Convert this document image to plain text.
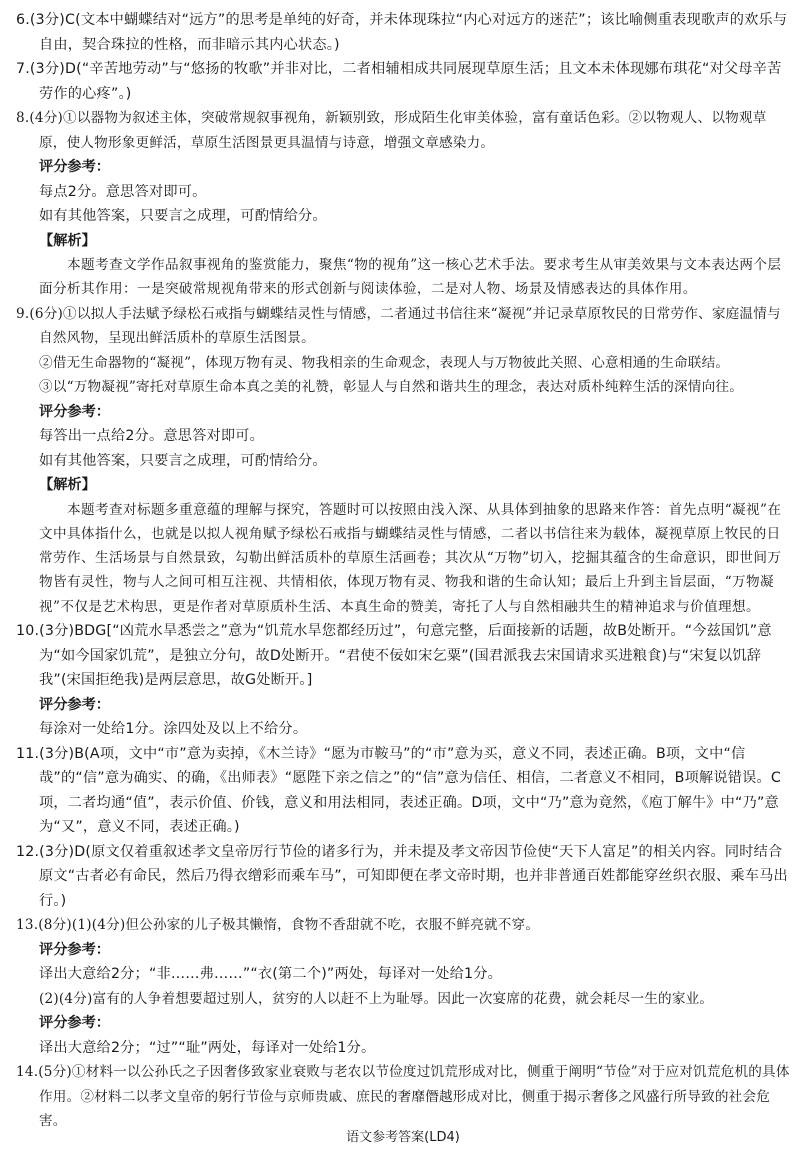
6.(3分)C(文本中蝴蝶结对“远方”的思考是单纯的好奇，并未体现珠拉“内心对远方的迷茫”；该比喻侧重表现歌声的欢乐与自由，契合珠拉的性格，而非暗示其内心状态。)
7.(3分)D(“辛苦地劳动”与“悠扬的牧歌”并非对比，二者相辅相成共同展现草原生活；且文本未体现娜布琪花“对父母辛苦劳作的心疼”。)
8.(4分)①以器物为叙述主体，突破常规叙事视角，新颖别致，形成陌生化审美体验，富有童话色彩。②以物观人、以物观草原，使人物形象更鲜活，草原生活图景更具温情与诗意，增强文章感染力。
评分参考：
每点2分。意思答对即可。
如有其他答案，只要言之成理，可酌情给分。
【解析】
本题考查文学作品叙事视角的鉴赏能力，聚焦“物的视角”这一核心艺术手法。要求考生从审美效果与文本表达两个层面分析其作用：一是突破常规视角带来的形式创新与阅读体验，二是对人物、场景及情感表达的具体作用。
9.(6分)①以拟人手法赋予绿松石戒指与蝴蝶结灵性与情感，二者通过书信往来“凝视”并记录草原牧民的日常劳作、家庭温情与自然风物，呈现出鲜活质朴的草原生活图景。
②借无生命器物的“凝视”，体现万物有灵、物我相亲的生命观念，表现人与万物彼此关照、心意相通的生命联结。
③以“万物凝视”寄托对草原生命本真之美的礼赞，彰显人与自然和谐共生的理念，表达对质朴纯粹生活的深情向往。
评分参考：
每答出一点给2分。意思答对即可。
如有其他答案，只要言之成理，可酌情给分。
【解析】
本题考查对标题多重意蕴的理解与探究，答题时可以按照由浅入深、从具体到抽象的思路来作答：首先点明“凝视”在文中具体指什么，也就是以拟人视角赋予绿松石戒指与蝴蝶结灵性与情感，二者以书信往来为载体，凝视草原上牧民的日常劳作、生活场景与自然景致，勾勒出鲜活质朴的草原生活画卷；其次从“万物”切入，挖掘其蕴含的生命意识，即世间万物皆有灵性，物与人之间可相互注视、共情相依，体现万物有灵、物我和谐的生命认知；最后上升到主旨层面，“万物凝视”不仅是艺术构思，更是作者对草原质朴生活、本真生命的赞美，寄托了人与自然相融共生的精神追求与价值理想。
10.(3分)BDG[“凶荒水旱悉尝之”意为“饥荒水旱您都经历过”，句意完整，后面接新的话题，故B处断开。“今兹国饥”意为“如今国家饥荒”，是独立分句，故D处断开。“君使不佞如宋乞粟”(国君派我去宋国请求买进粮食)与“宋复以饥辞我”(宋国拒绝我)是两层意思，故G处断开。]
评分参考：
每涂对一处给1分。涂四处及以上不给分。
11.(3分)B(A项，文中“市”意为卖掉，《木兰诗》“愿为市鞍马”的“市”意为买，意义不同，表述正确。B项，文中“信哉”的“信”意为确实、的确，《出师表》“愿陛下亲之信之”的“信”意为信任、相信，二者意义不相同，B项解说错误。C项，二者均通“值”，表示价值、价钱，意义和用法相同，表述正确。D项，文中“乃”意为竟然，《庖丁解牛》中“乃”意为“又”，意义不同，表述正确。)
12.(3分)D(原文仅着重叙述孝文皇帝厉行节俭的诸多行为，并未提及孝文帝因节俭使“天下人富足”的相关内容。同时结合原文“古者必有命民，然后乃得衣缯彩而乘车马”，可知即便在孝文帝时期，也并非普通百姓都能穿丝织衣服、乘车马出行。)
13.(8分)(1)(4分)但公孙家的儿子极其懒惰，食物不香甜就不吃，衣服不鲜亮就不穿。
评分参考：
译出大意给2分；“非……弗……”“衣(第二个)”两处，每译对一处给1分。
(2)(4分)富有的人争着想要超过别人，贫穷的人以赶不上为耻辱。因此一次宴席的花费，就会耗尽一生的家业。
评分参考：
译出大意给2分；“过”“耻”两处，每译对一处给1分。
14.(5分)①材料一以公孙氏之子因奢侈致家业衰败与老农以节俭度过饥荒形成对比，侧重于阐明“节俭”对于应对饥荒危机的具体作用。②材料二以孝文皇帝的躬行节俭与京师贵戚、庶民的奢靡僭越形成对比，侧重于揭示奢侈之风盛行所导致的社会危害。
语文参考答案(LD4)
